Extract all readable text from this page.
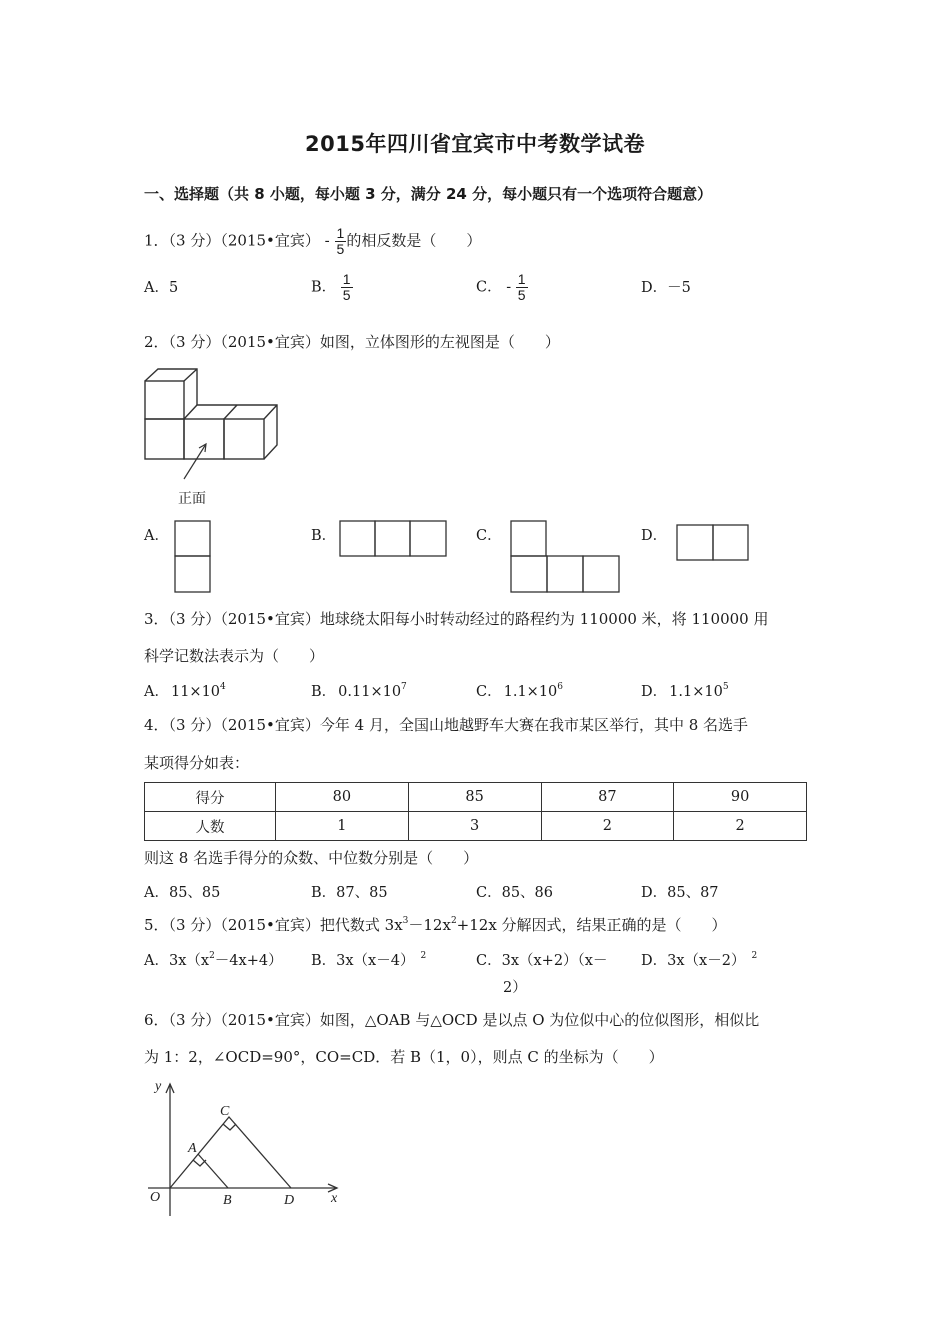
2015年四川省宜宾市中考数学试卷
一、选择题（共 8 小题，每小题 3 分，满分 24 分，每小题只有一个选项符合题意）
1．（3 分）（2015•宜宾） - $\frac{1}{5}$ 的相反数是（　　）
A．5	B． $\frac{1}{5}$	C． - $\frac{1}{5}$	D．－5
2．（3 分）（2015•宜宾）如图，立体图形的左视图是（　　）
正面
A．	B．	C．	D．
3．（3 分）（2015•宜宾）地球绕太阳每小时转动经过的路程约为 110000 米，将 110000 用
科学记数法表示为（　　）
A． $11\times 10^4$	B． $0.11\times 10^7$	C． $1.1\times 10^6$	D． $1.1\times 10^5$
4．（3 分）（2015•宜宾）今年 4 月，全国山地越野车大赛在我市某区举行，其中 8 名选手
某项得分如表：
得分	80	85	87	90
人数	1	3	2	2
则这 8 名选手得分的众数、中位数分别是（　　）
A．85、85	B．87、85	C．85、86	D．85、87
5．（3 分）（2015•宜宾）把代数式 $3x^3-12x^2+12x$ 分解因式，结果正确的是（　　）
A．$3x(x^2-4x+4)$ B．3x（x－4） $^2$	C．3x（x+2）（x－
2）
D．3x（x－2） $^2$
6．（3 分）（2015•宜宾）如图，△OAB 与△OCD 是以点 O 为位似中心的位似图形，相似比
为 1：2，∠OCD=90°，CO=CD．若 B（1，0），则点 C 的坐标为（　　）
y
x
O
A
B
C
D
